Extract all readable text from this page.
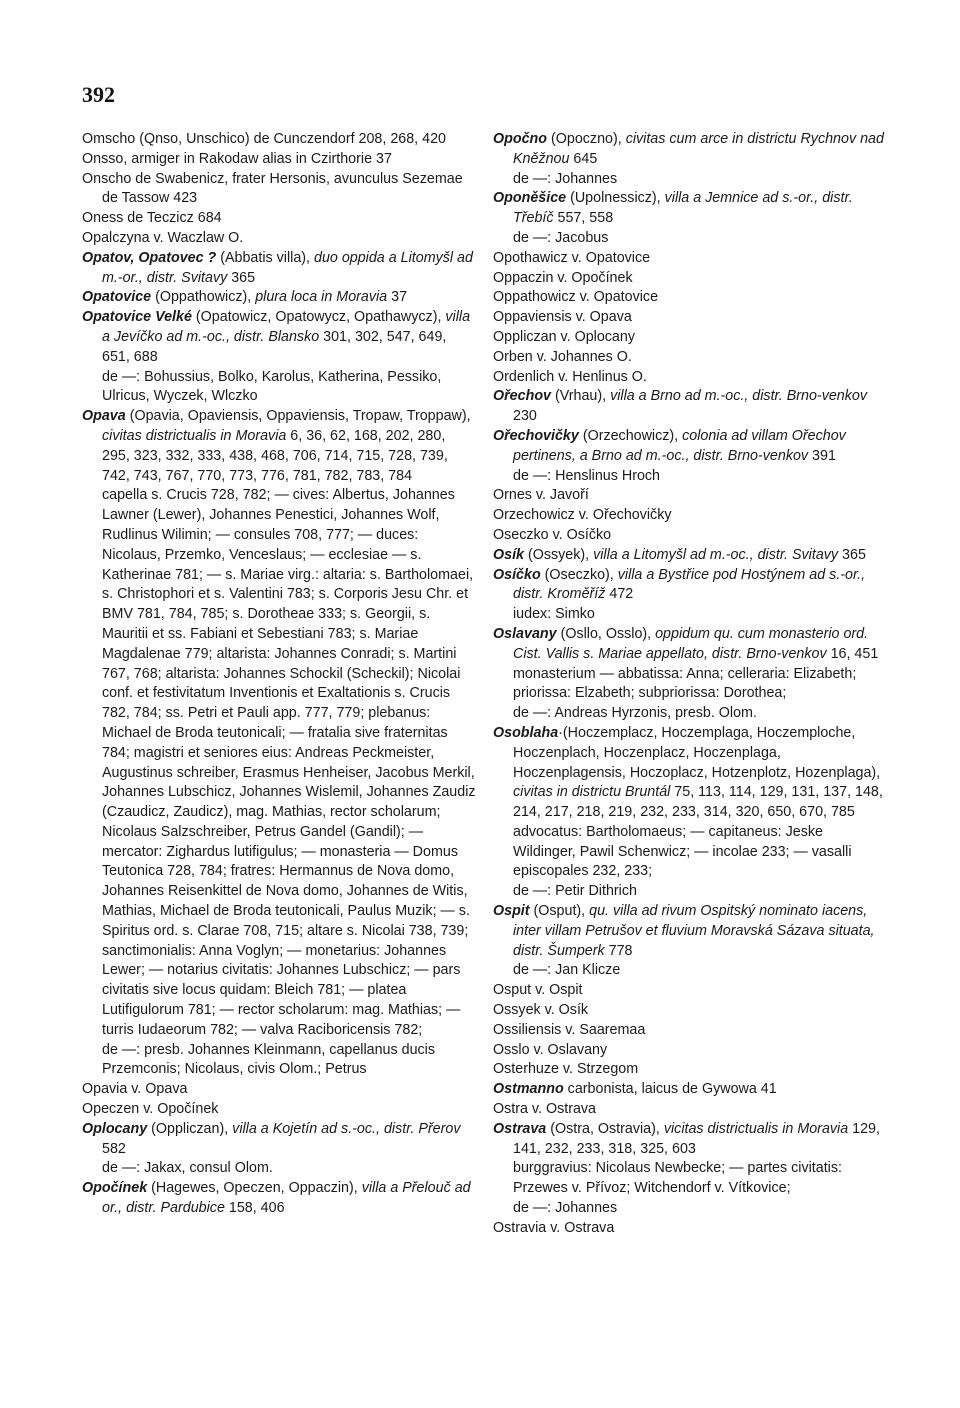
392

Omscho (Qnso, Unschico) de Cunczendorf 208, 268, 420

Onsso, armiger in Rakodaw alias in Czirthorie 37

Onscho de Swabenicz, frater Hersonis, avunculus Sezemae de Tassow 423

Oness de Teczicz 684

Opalczyna v. Waczlaw O.

Opatov, Opatovec ? (Abbatis villa), duo oppida a Litomyšl ad m.-or., distr. Svitavy 365

Opatovice (Oppathowicz), plura loca in Moravia 37

Opatovice Velké (Opatowicz, Opatowycz, Opathawycz), villa a Jevíčko ad m.-oc., distr. Blansko 301, 302, 547, 649, 651, 688

de —: Bohussius, Bolko, Karolus, Katherina, Pessiko, Ulricus, Wyczek, Wlczko

Opava (Opavia, Opaviensis, Oppaviensis, Tropaw, Troppaw), civitas districtualis in Moravia 6, 36, 62, 168, 202, 280, 295, 323, 332, 333, 438, 468, 706, 714, 715, 728, 739, 742, 743, 767, 770, 773, 776, 781, 782, 783, 784

capella s. Crucis 728, 782; — cives: Albertus, Johannes Lawner (Lewer), Johannes Penestici, Johannes Wolf, Rudlinus Wilimin; — consules 708, 777; — duces: Nicolaus, Przemko, Venceslaus; — ecclesiae — s. Katherinae 781; — s. Mariae virg.: altaria: s. Bartholomaei, s. Christophori et s. Valentini 783; s. Corporis Jesu Chr. et BMV 781, 784, 785; s. Dorotheae 333; s. Georgii, s. Mauritii et ss. Fabiani et Sebestiani 783; s. Mariae Magdalenae 779; altarista: Johannes Conradi; s. Martini 767, 768; altarista: Johannes Schockil (Scheckil); Nicolai conf. et festivitatum Inventionis et Exaltationis s. Crucis 782, 784; ss. Petri et Pauli app. 777, 779; plebanus: Michael de Broda teutonicali; — fratalia sive fraternitas 784; magistri et seniores eius: Andreas Peckmeister, Augustinus schreiber, Erasmus Henheiser, Jacobus Merkil, Johannes Lubschicz, Johannes Wislemil, Johannes Zaudiz (Czaudicz, Zaudicz), mag. Mathias, rector scholarum; Nicolaus Salzschreiber, Petrus Gandel (Gandil); — mercator: Zighardus lutifigulus; — monasteria — Domus Teutonica 728, 784; fratres: Hermannus de Nova domo, Johannes Reisenkittel de Nova domo, Johannes de Witis, Mathias, Michael de Broda teutonicali, Paulus Muzik; — s. Spiritus ord. s. Clarae 708, 715; altare s. Nicolai 738, 739; sanctimonialis: Anna Voglyn; — monetarius: Johannes Lewer; — notarius civitatis: Johannes Lubschicz; — pars civitatis sive locus quidam: Bleich 781; — platea Lutifigulorum 781; — rector scholarum: mag. Mathias; — turris Iudaeorum 782; — valva Raciboricensis 782;

de —: presb. Johannes Kleinmann, capellanus ducis Przemconis; Nicolaus, civis Olom.; Petrus

Opavia v. Opava

Opeczen v. Opočínek

Oplocany (Oppliczan), villa a Kojetín ad s.-oc., distr. Přerov 582

de —: Jakax, consul Olom.

Opočínek (Hagewes, Opeczen, Oppaczin), villa a Přelouč ad or., distr. Pardubice 158, 406

Opočno (Opoczno), civitas cum arce in districtu Rychnov nad Kněžnou 645

de —: Johannes

Oponěšice (Upolnessicz), villa a Jemnice ad s.-or., distr. Třebíč 557, 558

de —: Jacobus

Opothawicz v. Opatovice

Oppaczin v. Opočínek

Oppathowicz v. Opatovice

Oppaviensis v. Opava

Oppliczan v. Oplocany

Orben v. Johannes O.

Ordenlich v. Henlinus O.

Ořechov (Vrhau), villa a Brno ad m.-oc., distr. Brno-venkov 230

Ořechovičky (Orzechowicz), colonia ad villam Ořechov pertinens, a Brno ad m.-oc., distr. Brno-venkov 391

de —: Henslinus Hroch

Ornes v. Javoří

Orzechowicz v. Ořechovičky

Oseczko v. Osíčko

Osík (Ossyek), villa a Litomyšl ad m.-oc., distr. Svitavy 365

Osíčko (Oseczko), villa a Bystřice pod Hostýnem ad s.-or., distr. Kroměříž 472

iudex: Simko

Oslavany (Osllo, Osslo), oppidum qu. cum monasterio ord. Cist. Vallis s. Mariae appellato, distr. Brno-venkov 16, 451

monasterium — abbatissa: Anna; celleraria: Elizabeth; priorissa: Elzabeth; subpriorissa: Dorothea;

de —: Andreas Hyrzonis, presb. Olom.

Osoblaha·(Hoczemplacz, Hoczemplaga, Hoczemploche, Hoczenplach, Hoczenplacz, Hoczenplaga, Hoczenplagensis, Hoczoplacz, Hotzenplotz, Hozenplaga), civitas in districtu Bruntál 75, 113, 114, 129, 131, 137, 148, 214, 217, 218, 219, 232, 233, 314, 320, 650, 670, 785

advocatus: Bartholomaeus; — capitaneus: Jeske Wildinger, Pawil Schenwicz; — incolae 233; — vasalli episcopales 232, 233;

de —: Petir Dithrich

Ospit (Osput), qu. villa ad rivum Ospitský nominato iacens, inter villam Petrušov et fluvium Moravská Sázava situata, distr. Šumperk 778

de —: Jan Klicze

Osput v. Ospit

Ossyek v. Osík

Ossiliensis v. Saaremaa

Osslo v. Oslavany

Osterhuze v. Strzegom

Ostmanno carbonista, laicus de Gywowa 41

Ostra v. Ostrava

Ostrava (Ostra, Ostravia), vicitas districtualis in Moravia 129, 141, 232, 233, 318, 325, 603

burggravius: Nicolaus Newbecke; — partes civitatis: Przewes v. Přívoz; Witchendorf v. Vítkovice;

de —: Johannes

Ostravia v. Ostrava
